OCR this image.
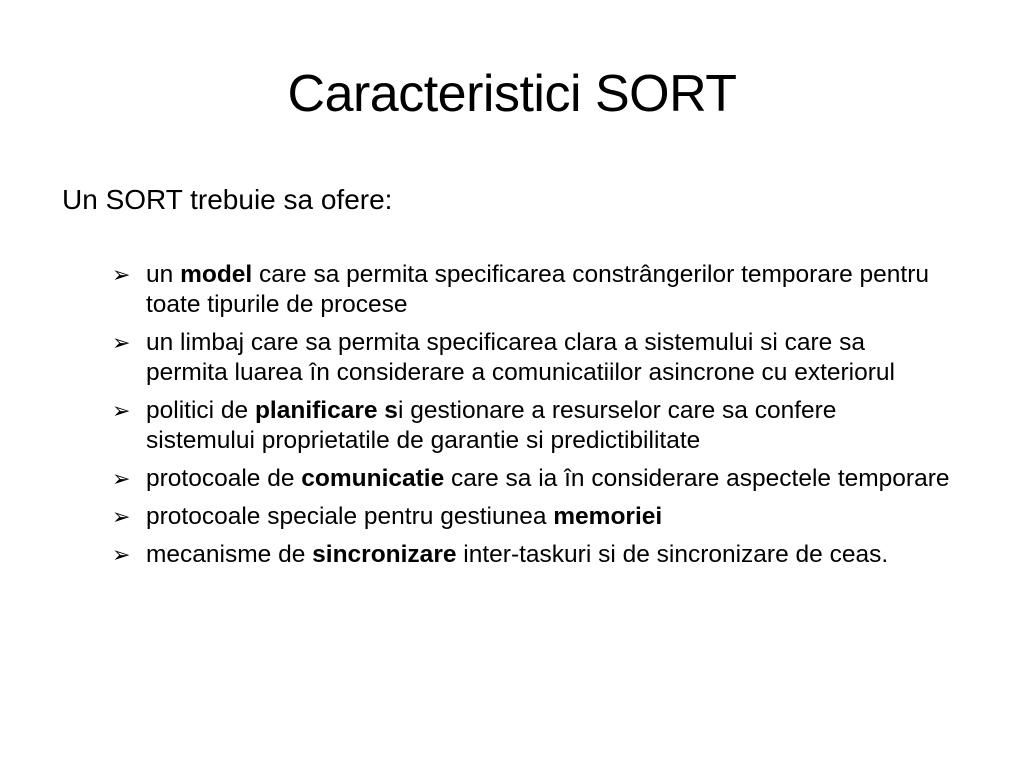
Caracteristici SORT
Un SORT trebuie sa ofere:
➢ un model care sa permita specificarea constrângerilor temporare pentru toate tipurile de procese
➢ un limbaj care sa permita specificarea clara a sistemului si care sa permita luarea în considerare a comunicatiilor asincrone cu exteriorul
➢ politici de planificare si gestionare a resurselor care sa confere sistemului proprietatile de garantie si predictibilitate
➢ protocoale de comunicatie care sa ia în considerare aspectele temporare
➢ protocoale speciale pentru gestiunea memoriei
➢ mecanisme de sincronizare inter-taskuri si de sincronizare de ceas.
